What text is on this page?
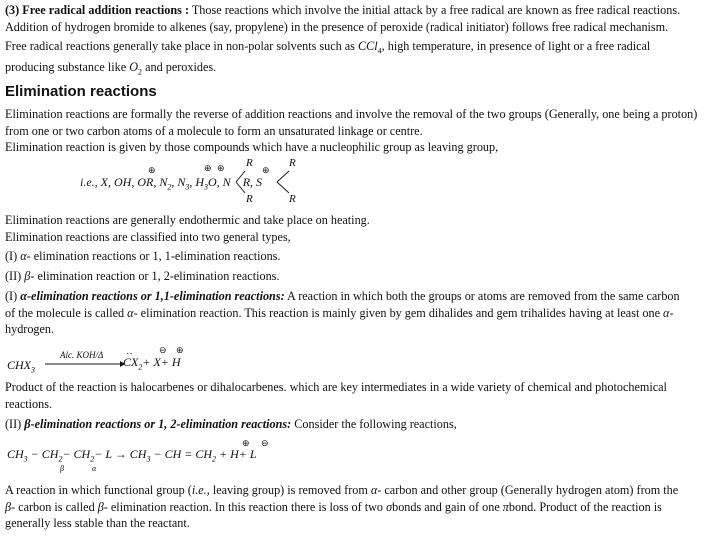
(3) Free radical addition reactions : Those reactions which involve the initial attack by a free radical are known as free radical reactions.

Addition of hydrogen bromide to alkenes (say, propylene) in the presence of peroxide (radical initiator) follows free radical mechanism.

Free radical reactions generally take place in non-polar solvents such as CCl$_4$, high temperature, in presence of light or a free radical

producing substance like $O_2$ and peroxides.

Elimination reactions

Elimination reactions are formally the reverse of addition reactions and involve the removal of the two groups (Generally, one being a proton) from one or two carbon atoms of a molecule to form an unsaturated linkage or centre.

Elimination reaction is given by those compounds which have a nucleophilic group as leaving group,

⊕	⊕ ⊕	⊕
R	R
R	R
i.e., X, OH, OR, $N_2$, $N_3$, $H_3O$, N R, S

Elimination reactions are generally endothermic and take place on heating.

Elimination reactions are classified into two general types,

(I) α- elimination reactions or 1, 1-elimination reactions.

(II) β- elimination reaction or 1, 2-elimination reactions.

(I) α-elimination reactions or 1,1-elimination reactions: A reaction in which both the groups or atoms are removed from the same carbon
of the molecule is called α- elimination reaction. This reaction is mainly given by gem dihalides and gem trihalides having at least one α-
hydrogen.

$CHX_3$
Alc. KOH/Δ ‥	⊖ ⊕
$CX_2+ X+ H$

Product of the reaction is halocarbenes or dihalocarbenes. which are key intermediates in a wide variety of chemical and photochemical reactions.

(II) β-elimination reactions or 1, 2-elimination reactions: Consider the following reactions,

⊕ ⊖
$CH_3 - CH_2- CH_2- L \to CH_3$ − CH = $CH_2 + H+ L$
β	α

A reaction in which functional group (i.e., leaving group) is removed from α- carbon and other group (Generally hydrogen atom) from the
β- carbon is called β- elimination reaction. In this reaction there is loss of two σbonds and gain of one πbond. Product of the reaction is
generally less stable than the reactant.
